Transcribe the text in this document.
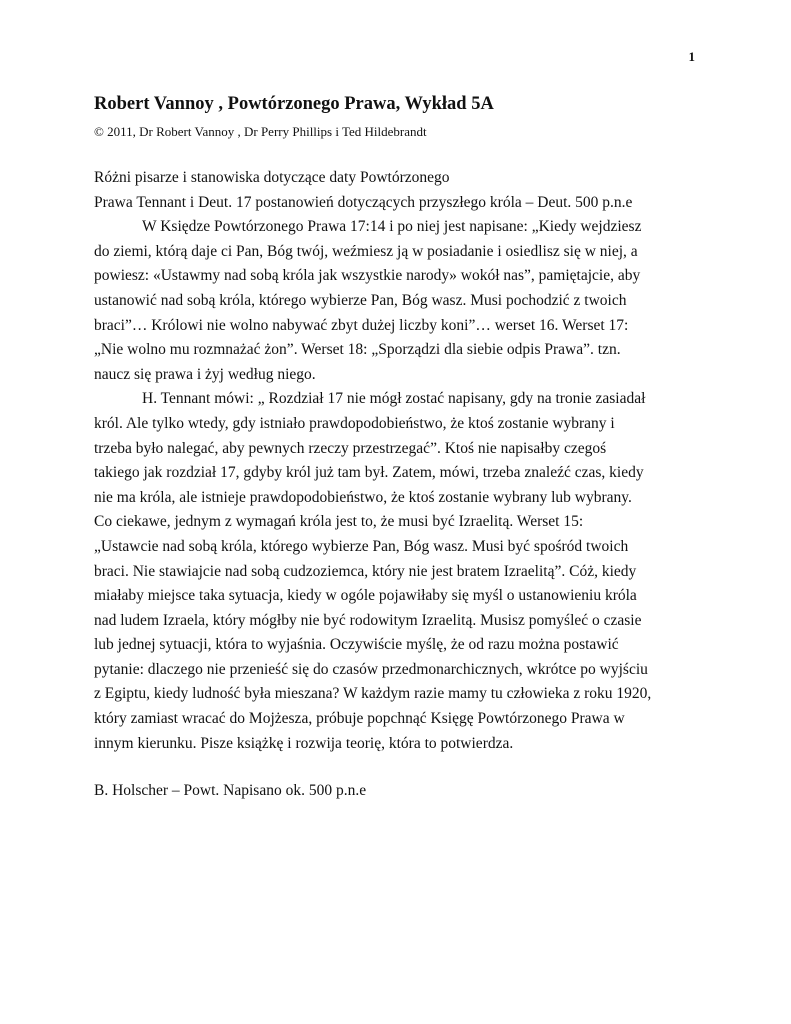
1
Robert Vannoy , Powtórzonego Prawa, Wykład 5A
© 2011, Dr Robert Vannoy , Dr Perry Phillips i Ted Hildebrandt

Różni pisarze i stanowiska dotyczące daty Powtórzonego

Prawa Tennant i Deut. 17 postanowień dotyczących przyszłego króla – Deut. 500 p.n.e

W Księdze Powtórzonego Prawa 17:14 i po niej jest napisane: „Kiedy wejdziesz

do ziemi, którą daje ci Pan, Bóg twój, weźmiesz ją w posiadanie i osiedlisz się w niej, a

powiesz: «Ustawmy nad sobą króla jak wszystkie narody» wokół nas”, pamiętajcie, aby

ustanowić nad sobą króla, którego wybierze Pan, Bóg wasz. Musi pochodzić z twoich

braci”… Królowi nie wolno nabywać zbyt dużej liczby koni”… werset 16. Werset 17:

„Nie wolno mu rozmnażać żon”. Werset 18: „Sporządzi dla siebie odpis Prawa”. tzn.

naucz się prawa i żyj według niego.

H. Tennant mówi: „ Rozdział 17 nie mógł zostać napisany, gdy na tronie zasiadał

król. Ale tylko wtedy, gdy istniało prawdopodobieństwo, że ktoś zostanie wybrany i

trzeba było nalegać, aby pewnych rzeczy przestrzegać”. Ktoś nie napisałby czegoś

takiego jak rozdział 17, gdyby król już tam był. Zatem, mówi, trzeba znaleźć czas, kiedy

nie ma króla, ale istnieje prawdopodobieństwo, że ktoś zostanie wybrany lub wybrany.

Co ciekawe, jednym z wymagań króla jest to, że musi być Izraelitą. Werset 15:

„Ustawcie nad sobą króla, którego wybierze Pan, Bóg wasz. Musi być spośród twoich

braci. Nie stawiajcie nad sobą cudzoziemca, który nie jest bratem Izraelitą”. Cóż, kiedy

miałaby miejsce taka sytuacja, kiedy w ogóle pojawiłaby się myśl o ustanowieniu króla

nad ludem Izraela, który mógłby nie być rodowitym Izraelitą. Musisz pomyśleć o czasie

lub jednej sytuacji, która to wyjaśnia. Oczywiście myślę, że od razu można postawić

pytanie: dlaczego nie przenieść się do czasów przedmonarchicznych, wkrótce po wyjściu

z Egiptu, kiedy ludność była mieszana? W każdym razie mamy tu człowieka z roku 1920,

który zamiast wracać do Mojżesza, próbuje popchnąć Księgę Powtórzonego Prawa w

innym kierunku. Pisze książkę i rozwija teorię, która to potwierdza.

B. Holscher – Powt. Napisano ok. 500 p.n.e
